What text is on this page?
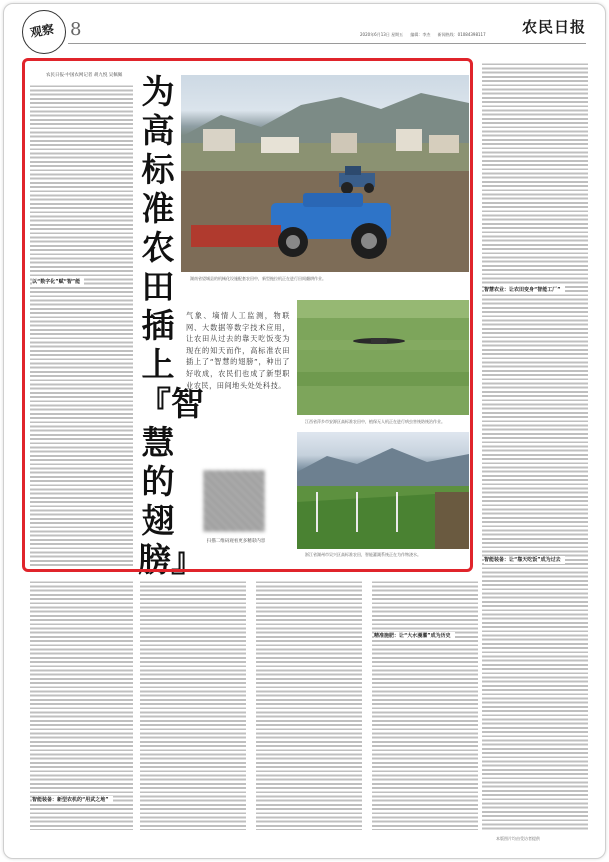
观察 8	2020年6月13日 星期五 编辑：李杰 新闻热线：01084398117	农民日报
以“数字化”赋“智”能
智能装备：新型农机的“用武之地”
智慧农业：让农田变身“智能工厂”
精准施肥：让“大水漫灌”成为历史
智能装备：让“靠天吃饭”成为过去
农民日报·中国农网记者 胡九悦 吴佩佩 为高标准农田插上『智慧的翅膀』
湖南省望城县的机械化设施配套农田中，新型拖拉机正在进行田间翻耕作业。
气象、墒情人工监测，物联网、大数据等数字技术应用，让农田从过去的靠天吃饭变为现在的知天而作，高标准农田插上了“智慧的翅膀”，种出了好收成，农民们也成了新型职业农民，田间地头处处科技。
江西省萍乡市安源区高标准农田中，植保无人机正在进行病虫害统防统治作业。
浙江省湖州市吴兴区高标准农田，智能灌溉系统正在为作物浇水。
扫描二维码观看更多精彩内容
本版图片均由受访者提供
